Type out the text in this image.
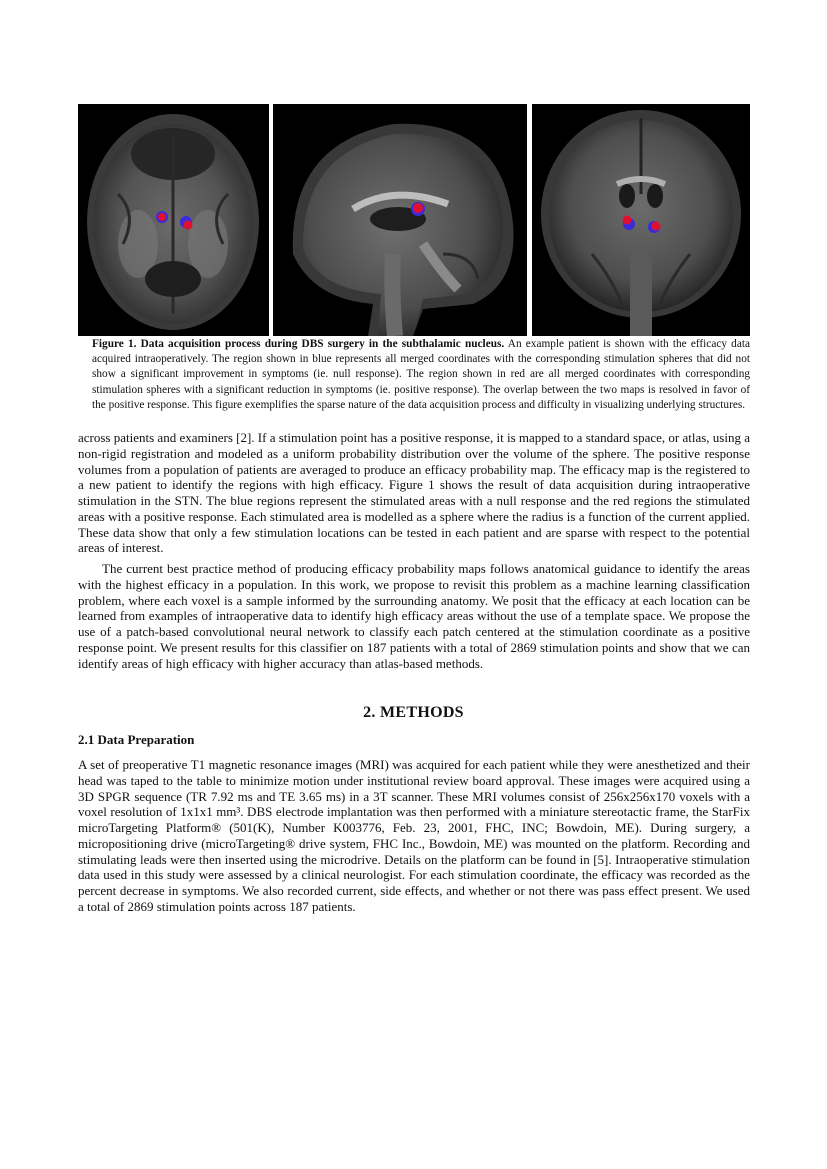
Figure 1. Data acquisition process during DBS surgery in the subthalamic nucleus. An example patient is shown with the efficacy data acquired intraoperatively. The region shown in blue represents all merged coordinates with the corresponding stimulation spheres that did not show a significant improvement in symptoms (ie. null response). The region shown in red are all merged coordinates with corresponding stimulation spheres with a significant reduction in symptoms (ie. positive response). The overlap between the two maps is resolved in favor of the positive response. This figure exemplifies the sparse nature of the data acquisition process and difficulty in visualizing underlying structures.

across patients and examiners [2]. If a stimulation point has a positive response, it is mapped to a standard space, or atlas, using a non-rigid registration and modeled as a uniform probability distribution over the volume of the sphere. The positive response volumes from a population of patients are averaged to produce an efficacy probability map. The efficacy map is the registered to a new patient to identify the regions with high efficacy. Figure 1 shows the result of data acquisition during intraoperative stimulation in the STN. The blue regions represent the stimulated areas with a null response and the red regions the stimulated areas with a positive response. Each stimulated area is modelled as a sphere where the radius is a function of the current applied. These data show that only a few stimulation locations can be tested in each patient and are sparse with respect to the potential areas of interest.

The current best practice method of producing efficacy probability maps follows anatomical guidance to identify the areas with the highest efficacy in a population. In this work, we propose to revisit this problem as a machine learning classification problem, where each voxel is a sample informed by the surrounding anatomy. We posit that the efficacy at each location can be learned from examples of intraoperative data to identify high efficacy areas without the use of a template space. We propose the use of a patch-based convolutional neural network to classify each patch centered at the stimulation coordinate as a positive response point. We present results for this classifier on 187 patients with a total of 2869 stimulation points and show that we can identify areas of high efficacy with higher accuracy than atlas-based methods.

2. METHODS
2.1 Data Preparation

A set of preoperative T1 magnetic resonance images (MRI) was acquired for each patient while they were anesthetized and their head was taped to the table to minimize motion under institutional review board approval. These images were acquired using a 3D SPGR sequence (TR 7.92 ms and TE 3.65 ms) in a 3T scanner. These MRI volumes consist of 256x256x170 voxels with a voxel resolution of 1x1x1 mm³. DBS electrode implantation was then performed with a miniature stereotactic frame, the StarFix microTargeting Platform® (501(K), Number K003776, Feb. 23, 2001, FHC, INC; Bowdoin, ME). During surgery, a micropositioning drive (microTargeting® drive system, FHC Inc., Bowdoin, ME) was mounted on the platform. Recording and stimulating leads were then inserted using the microdrive. Details on the platform can be found in [5]. Intraoperative stimulation data used in this study were assessed by a clinical neurologist. For each stimulation coordinate, the efficacy was recorded as the percent decrease in symptoms. We also recorded current, side effects, and whether or not there was pass effect present. We used a total of 2869 stimulation points across 187 patients.
